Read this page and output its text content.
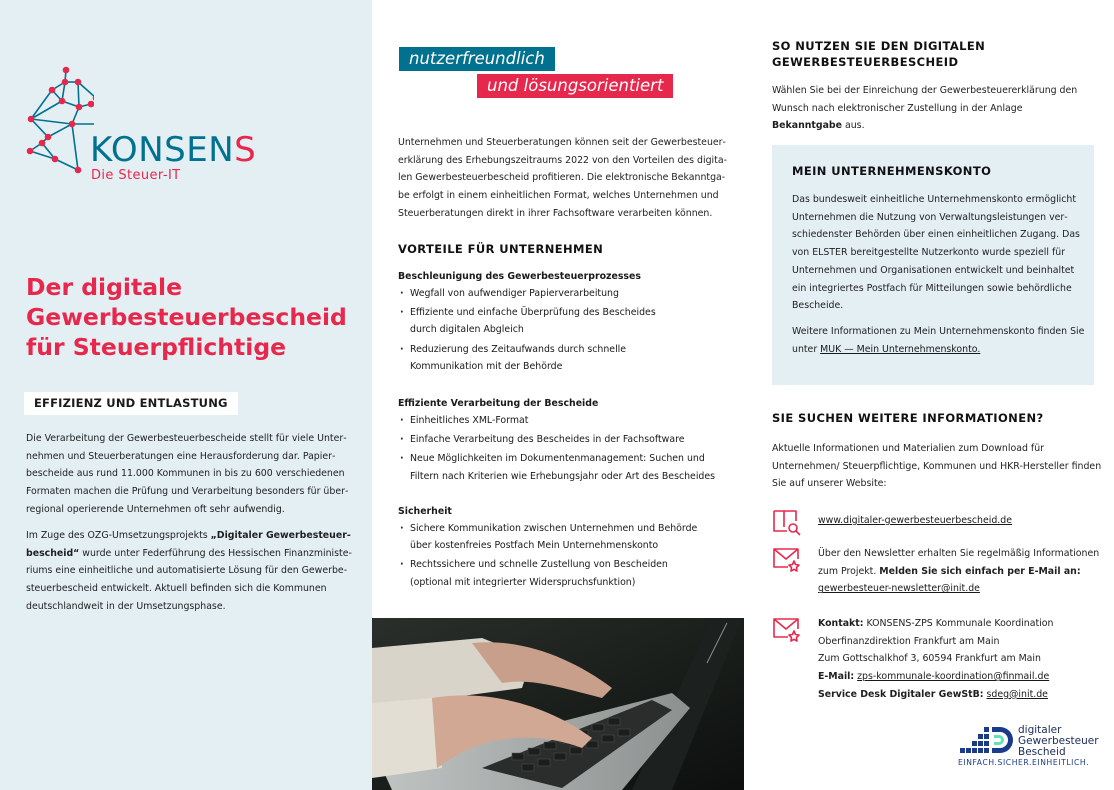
KONSENS
Die Steuer-IT
Der digitale
Gewerbesteuerbescheid
für Steuerpflichtige
EFFIZIENZ UND ENTLASTUNG

Die Verarbeitung der Gewerbesteuerbescheide stellt für viele Unternehmen und Steuerberatungen eine Herausforderung dar. Papierbescheide aus rund 11.000 Kommunen in bis zu 600 verschiedenen Formaten machen die Prüfung und Verarbeitung besonders für überregional operierende Unternehmen oft sehr aufwendig.

Im Zuge des OZG-Umsetzungsprojekts „Digitaler Gewerbesteuerbescheid“ wurde unter Federführung des Hessischen Finanzministeriums eine einheitliche und automatisierte Lösung für den Gewerbesteuerbescheid entwickelt. Aktuell befinden sich die Kommunen deutschlandweit in der Umsetzungsphase.

nutzerfreundlich
und lösungsorientiert

Unternehmen und Steuerberatungen können seit der Gewerbesteuererklärung des Erhebungszeitraums 2022 von den Vorteilen des digitalen Gewerbesteuerbescheid profitieren. Die elektronische Bekanntgabe erfolgt in einem einheitlichen Format, welches Unternehmen und Steuerberatungen direkt in ihrer Fachsoftware verarbeiten können.

VORTEILE FÜR UNTERNEHMEN
Beschleunigung des Gewerbesteuerprozesses
· Wegfall von aufwendiger Papierverarbeitung
· Effiziente und einfache Überprüfung des Bescheides durch digitalen Abgleich
· Reduzierung des Zeitaufwands durch schnelle Kommunikation mit der Behörde
Effiziente Verarbeitung der Bescheide
· Einheitliches XML-Format
· Einfache Verarbeitung des Bescheides in der Fachsoftware
· Neue Möglichkeiten im Dokumentenmanagement: Suchen und Filtern nach Kriterien wie Erhebungsjahr oder Art des Bescheides
Sicherheit
· Sichere Kommunikation zwischen Unternehmen und Behörde über kostenfreies Postfach Mein Unternehmenskonto
· Rechtssichere und schnelle Zustellung von Bescheiden (optional mit integrierter Widerspruchsfunktion)
SO NUTZEN SIE DEN DIGITALEN
GEWERBESTEUERBESCHEID

Wählen Sie bei der Einreichung der Gewerbesteuererklärung den Wunsch nach elektronischer Zustellung in der Anlage Bekanntgabe aus.

MEIN UNTERNEHMENSKONTO

Das bundesweit einheitliche Unternehmenskonto ermöglicht Unternehmen die Nutzung von Verwaltungsleistungen verschiedenster Behörden über einen einheitlichen Zugang. Das von ELSTER bereitgestellte Nutzerkonto wurde speziell für Unternehmen und Organisationen entwickelt und beinhaltet ein integriertes Postfach für Mitteilungen sowie behördliche Bescheide.

Weitere Informationen zu Mein Unternehmenskonto finden Sie unter MUK — Mein Unternehmenskonto.

SIE SUCHEN WEITERE INFORMATIONEN?

Aktuelle Informationen und Materialien zum Download für Unternehmen/ Steuerpflichtige, Kommunen und HKR-Hersteller finden Sie auf unserer Website:

www.digitaler-gewerbesteuerbescheid.de

Über den Newsletter erhalten Sie regelmäßig Informationen zum Projekt. Melden Sie sich einfach per E-Mail an:
gewerbesteuer-newsletter@init.de

Kontakt: KONSENS-ZPS Kommunale Koordination
Oberfinanzdirektion Frankfurt am Main
Zum Gottschalkhof 3, 60594 Frankfurt am Main
E-Mail: zps-kommunale-koordination@finmail.de
Service Desk Digitaler GewStB: sdeg@init.de

digitaler
Gewerbesteuer
Bescheid
EINFACH.SICHER.EINHEITLICH.
